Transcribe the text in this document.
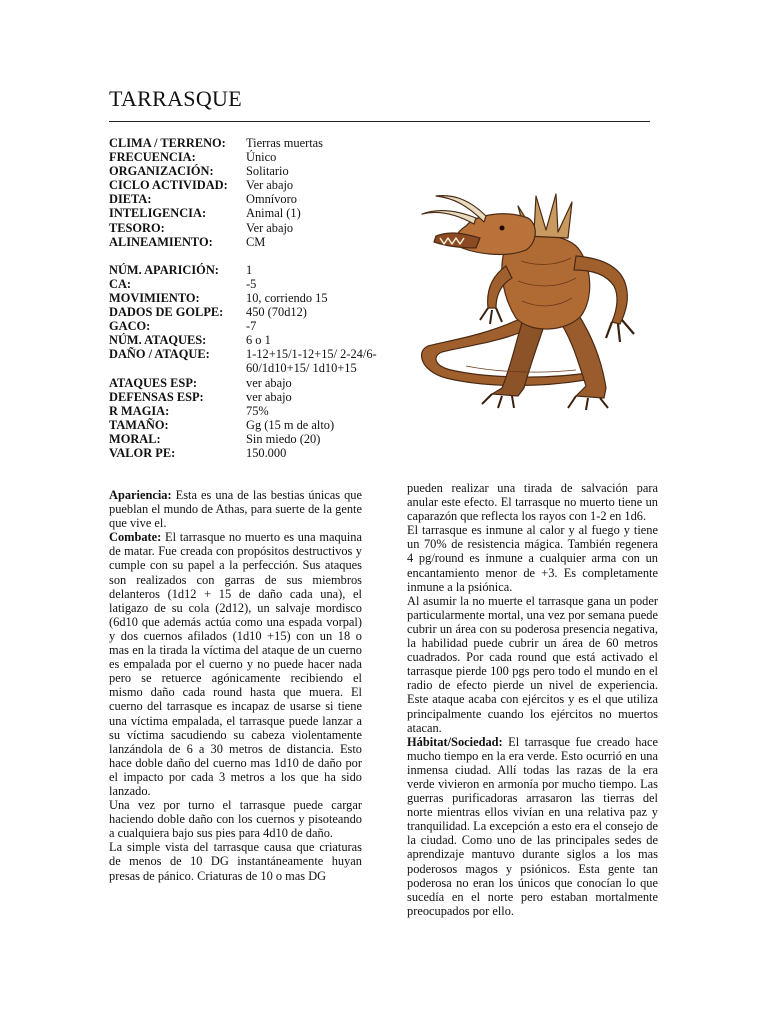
TARRASQUE
CLIMA / TERRENO:	Tierras muertas
FRECUENCIA:	Único
ORGANIZACIÓN:	Solitario
CICLO ACTIVIDAD:	Ver abajo
DIETA:	Omnívoro
INTELIGENCIA:	Animal (1)
TESORO:	Ver abajo
ALINEAMIENTO:	CM
NÚM. APARICIÓN:	1
CA:	-5
MOVIMIENTO:	10, corriendo 15
DADOS DE GOLPE:	450 (70d12)
GACO:	-7
NÚM. ATAQUES:	6 o 1
DAÑO / ATAQUE:	1-12+15/1-12+15/ 2-24/6-60/1d10+15/ 1d10+15
ATAQUES ESP:	ver abajo
DEFENSAS ESP:	ver abajo
R MAGIA:	75%
TAMAÑO:	Gg (15 m de alto)
MORAL:	Sin miedo (20)
VALOR PE:	150.000

Apariencia: Esta es una de las bestias únicas que pueblan el mundo de Athas, para suerte de la gente que vive el.

Combate: El tarrasque no muerto es una maquina de matar. Fue creada con propósitos destructivos y cumple con su papel a la perfección. Sus ataques son realizados con garras de sus miembros delanteros (1d12 + 15 de daño cada una), el latigazo de su cola (2d12), un salvaje mordisco (6d10 que además actúa como una espada vorpal) y dos cuernos afilados (1d10 +15) con un 18 o mas en la tirada la víctima del ataque de un cuerno es empalada por el cuerno y no puede hacer nada pero se retuerce agónicamente recibiendo el mismo daño cada round hasta que muera. El cuerno del tarrasque es incapaz de usarse si tiene una víctima empalada, el tarrasque puede lanzar a su víctima sacudiendo su cabeza violentamente lanzándola de 6 a 30 metros de distancia. Esto hace doble daño del cuerno mas 1d10 de daño por el impacto por cada 3 metros a los que ha sido lanzado.

Una vez por turno el tarrasque puede cargar haciendo doble daño con los cuernos y pisoteando a cualquiera bajo sus pies para 4d10 de daño.

La simple vista del tarrasque causa que criaturas de menos de 10 DG instantáneamente huyan presas de pánico. Criaturas de 10 o mas DG

pueden realizar una tirada de salvación para anular este efecto. El tarrasque no muerto tiene un caparazón que reflecta los rayos con 1-2 en 1d6.

El tarrasque es inmune al calor y al fuego y tiene un 70% de resistencia mágica. También regenera 4 pg/round es inmune a cualquier arma con un encantamiento menor de +3. Es completamente inmune a la psiónica.

Al asumir la no muerte el tarrasque gana un poder particularmente mortal, una vez por semana puede cubrir un área con su poderosa presencia negativa, la habilidad puede cubrir un área de 60 metros cuadrados. Por cada round que está activado el tarrasque pierde 100 pgs pero todo el mundo en el radio de efecto pierde un nivel de experiencia. Este ataque acaba con ejércitos y es el que utiliza principalmente cuando los ejércitos no muertos atacan.

Hábitat/Sociedad: El tarrasque fue creado hace mucho tiempo en la era verde. Esto ocurrió en una inmensa ciudad. Allí todas las razas de la era verde vivieron en armonía por mucho tiempo. Las guerras purificadoras arrasaron las tierras del norte mientras ellos vivían en una relativa paz y tranquilidad. La excepción a esto era el consejo de la ciudad. Como uno de las principales sedes de aprendizaje mantuvo durante siglos a los mas poderosos magos y psiónicos. Esta gente tan poderosa no eran los únicos que conocían lo que sucedía en el norte pero estaban mortalmente preocupados por ello.
